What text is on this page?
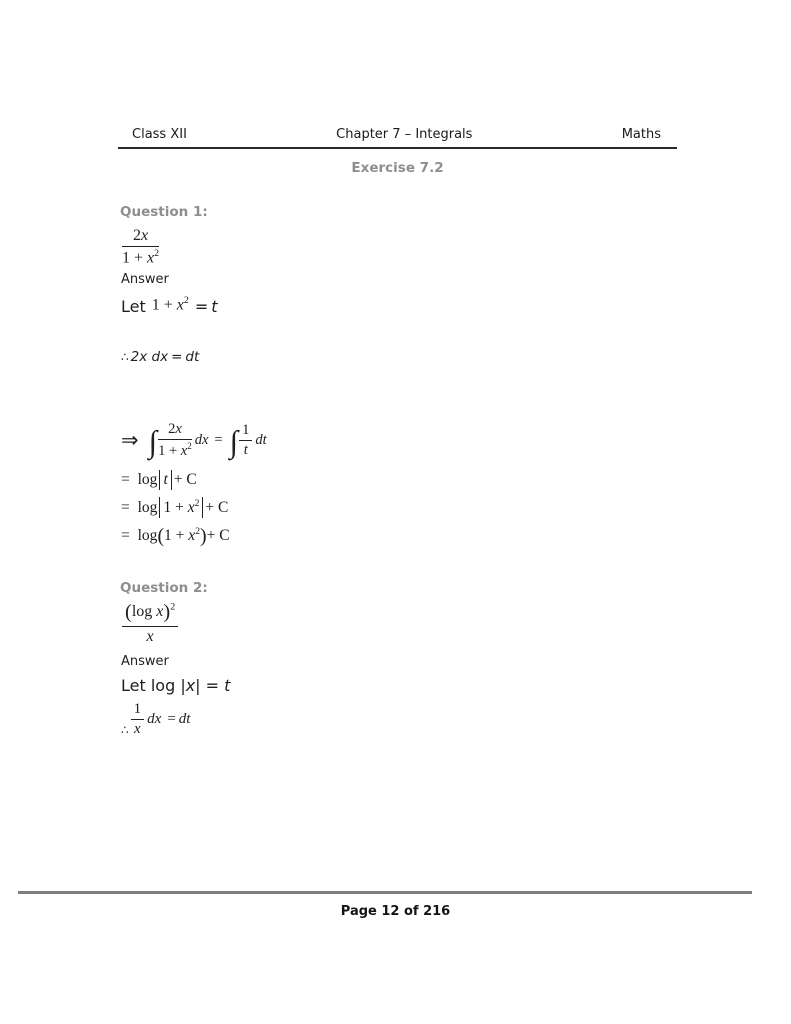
Class XII	Chapter 7 – Integrals	Maths
Exercise 7.2
Question 1:
$\frac{2x}{1 + x^2}$
Answer
Let $1 + x^2 = t$
∴ 2x dx = dt
⇒ ∫ $\frac{2x}{1 + x^2}$ dx = ∫ $\frac{1}{t}$ dt
= log t + C
= $\log 1 + x^2 + C$
= $\log(1 + x^2)+ C$
Question 2:
$\frac{(\log x)^2}{x}$
Answer
Let log | x | = t
∴ $\frac{1}{x}$ dx = dt
Page 12 of 216
